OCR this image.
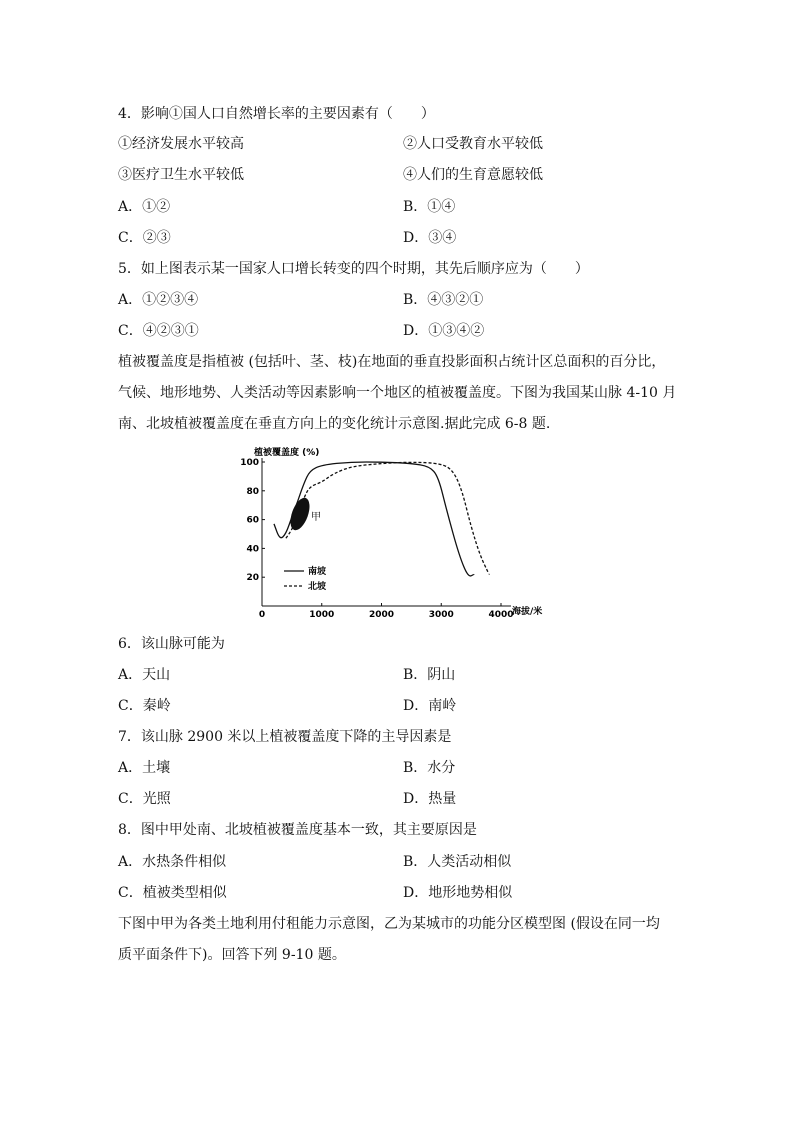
4．影响①国人口自然增长率的主要因素有（　　）
①经济发展水平较高	②人口受教育水平较低
③医疗卫生水平较低	④人们的生育意愿较低
A．①②	B．①④
C．②③	D．③④
5．如上图表示某一国家人口增长转变的四个时期，其先后顺序应为（　　）
A．①②③④	B．④③②①
C．④②③①	D．①③④②
植被覆盖度是指植被 (包括叶、茎、枝)在地面的垂直投影面积占统计区总面积的百分比，
气候、地形地势、人类活动等因素影响一个地区的植被覆盖度。下图为我国某山脉 4-10 月
南、北坡植被覆盖度在垂直方向上的变化统计示意图.据此完成 6-8 题.
20
40
60
80
100
0	1000	2000	3000	4000
甲
植被覆盖度 (%)
海拔/米
南坡
北坡
6．该山脉可能为
A．天山	B．阴山
C．秦岭	D．南岭
7．该山脉 2900 米以上植被覆盖度下降的主导因素是
A．土壤	B．水分
C．光照	D．热量
8．图中甲处南、北坡植被覆盖度基本一致，其主要原因是
A．水热条件相似	B．人类活动相似
C．植被类型相似	D．地形地势相似
下图中甲为各类土地利用付租能力示意图，乙为某城市的功能分区模型图 (假设在同一均
质平面条件下)。回答下列 9-10 题。
